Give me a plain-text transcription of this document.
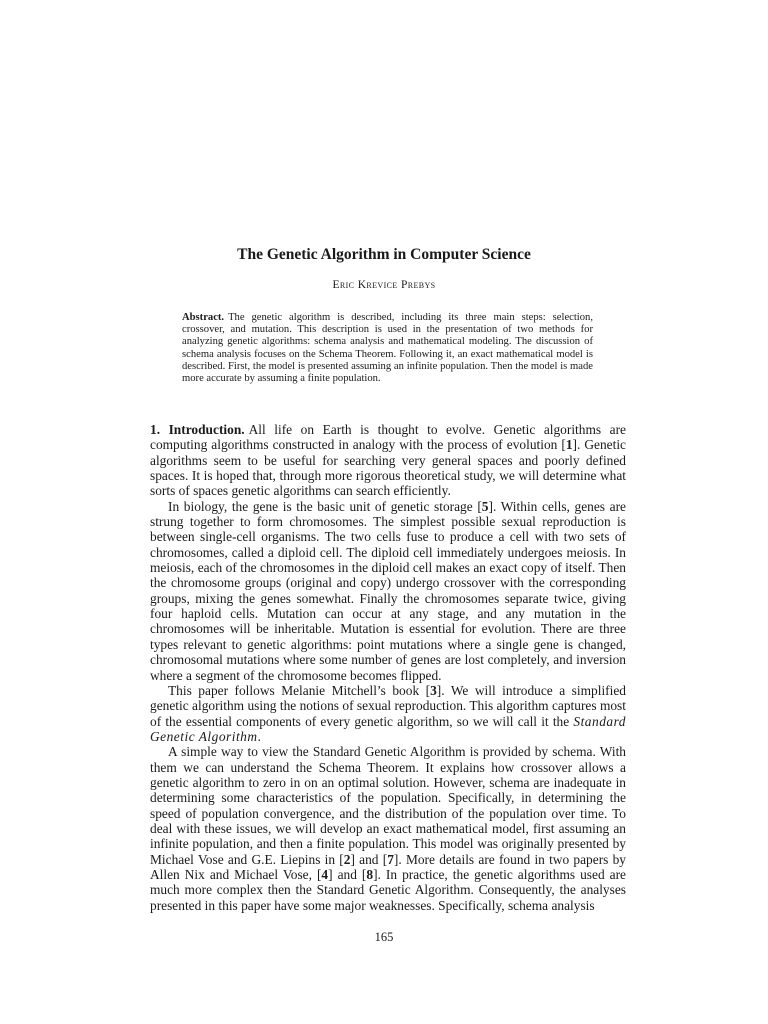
The Genetic Algorithm in Computer Science
Eric Krevice Prebys
Abstract. The genetic algorithm is described, including its three main steps: selection, crossover, and mutation. This description is used in the presentation of two methods for analyzing genetic algorithms: schema analysis and mathematical modeling. The discussion of schema analysis focuses on the Schema Theorem. Following it, an exact mathematical model is described. First, the model is presented assuming an infinite population. Then the model is made more accurate by assuming a finite population.

1. Introduction. All life on Earth is thought to evolve. Genetic algorithms are computing algorithms constructed in analogy with the process of evolution [1]. Genetic algorithms seem to be useful for searching very general spaces and poorly defined spaces. It is hoped that, through more rigorous theoretical study, we will determine what sorts of spaces genetic algorithms can search efficiently.

In biology, the gene is the basic unit of genetic storage [5]. Within cells, genes are strung together to form chromosomes. The simplest possible sexual reproduction is between single-cell organisms. The two cells fuse to produce a cell with two sets of chromosomes, called a diploid cell. The diploid cell immediately undergoes meiosis. In meiosis, each of the chromosomes in the diploid cell makes an exact copy of itself. Then the chromosome groups (original and copy) undergo crossover with the corresponding groups, mixing the genes somewhat. Finally the chromosomes separate twice, giving four haploid cells. Mutation can occur at any stage, and any mutation in the chromosomes will be inheritable. Mutation is essential for evolution. There are three types relevant to genetic algorithms: point mutations where a single gene is changed, chromosomal mutations where some number of genes are lost completely, and inversion where a segment of the chromosome becomes flipped.

This paper follows Melanie Mitchell’s book [3]. We will introduce a simplified genetic algorithm using the notions of sexual reproduction. This algorithm captures most of the essential components of every genetic algorithm, so we will call it the Standard Genetic Algorithm.

A simple way to view the Standard Genetic Algorithm is provided by schema. With them we can understand the Schema Theorem. It explains how crossover allows a genetic algorithm to zero in on an optimal solution. However, schema are inadequate in determining some characteristics of the population. Specifically, in determining the speed of population convergence, and the distribution of the population over time. To deal with these issues, we will develop an exact mathematical model, first assuming an infinite population, and then a finite population. This model was originally presented by Michael Vose and G.E. Liepins in [2] and [7]. More details are found in two papers by Allen Nix and Michael Vose, [4] and [8]. In practice, the genetic algorithms used are much more complex then the Standard Genetic Algorithm. Consequently, the analyses presented in this paper have some major weaknesses. Specifically, schema analysis

165
